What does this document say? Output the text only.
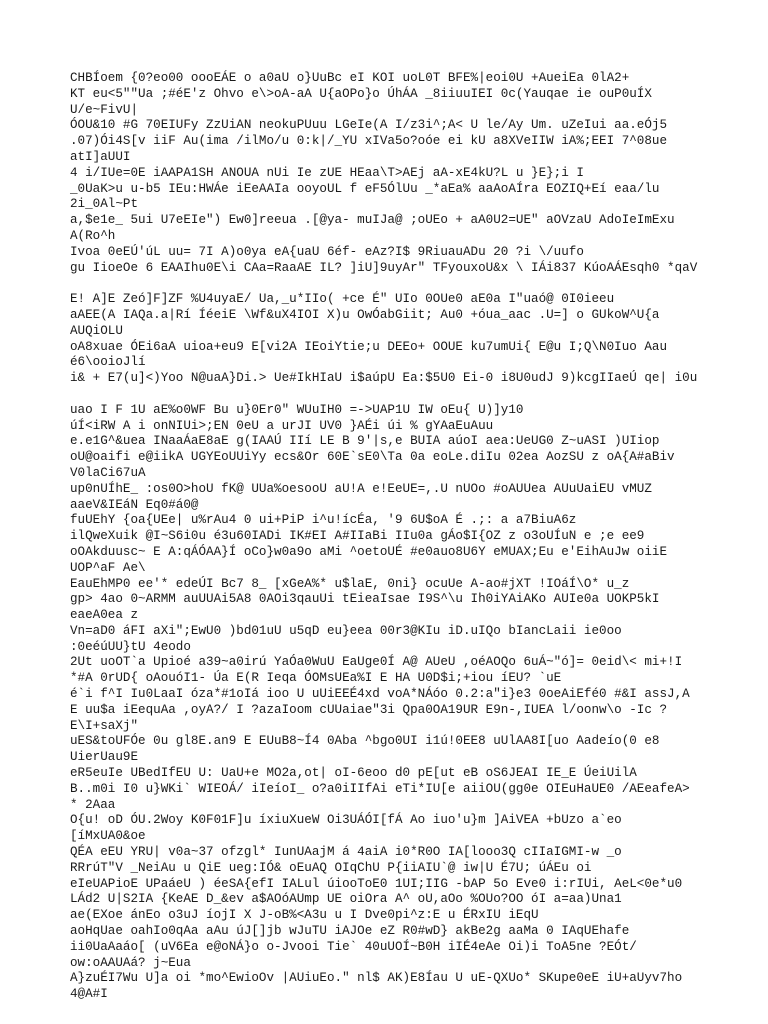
CHBÍoem {0?eo00 oooEÁE o a0aU o}UuBc eI KOI uoL0T BFE%|eoi0U +AueiEa 0lA2+
KT eu<5""Ua ;#éE'z Ohvo e\>oA-aA U{aOPo}o ÚhÁA _8iiuuIEI 0c(Yauqae ie ouP0uÍX
U/e~FivU|
ÓOU&10 #G 70EIUFy ZzUiAN neokuPUuu LGeIe(A I/z3i^;A< U le/Ay Um. uZeIui aa.eÓj5
.07)Ói4S[v iiF Au(ima /ilMo/u 0:k|/_YU xIVa5o?oóe ei kU a8XVeIIW iA%;EEI 7^08ue
atI]aUUI
4 i/IUe=0E iAAPA1SH ANOUA nUi Ie zUE HEaa\T>AEj aA-xE4kU?L u }E};i I
_0UaK>u u-b5 IEu:HWÁe iEeAAIa ooyoUL f eF5ÓlUu _*aEa% aaAoAÍra EOZIQ+Eí eaa/lu
2i_0Al~Pt
a,$e1e_ 5ui U7eEIe") Ew0]reeua .[@ya- muIJa@ ;oUEo + aA0U2=UE" aOVzaU AdoIeImExu
A(Ro^h
Ivoa 0eEÚ'úL uu= 7I A)o0ya eA{uaU 6éf- eAz?I$ 9RiuauADu 20 ?i \/uufo
gu IioeOe 6 EAAIhu0E\i CAa=RaaAE IL? ]iU]9uyAr" TFyouxoU&x \ IÁi837 KúoAÁEsqh0 *qaV
E! A]E Zeó]F]ZF %U4uyaE/ Ua,_u*IIo( +ce É" UIo 0OUe0 aE0a I"uaó@ 0I0ieeu
aAEE(A IAQa.a|Rí ÍéeiE \Wf&uX4IOI X)u OwÓabGiit; Au0 +óua_aac .U=] o GUkoW^U{a
AUQiOLU
oA8xuae ÓEi6aA uioa+eu9 E[vi2A IEoiYtie;u DEEo+ OOUE ku7umUi{ E@u I;Q\N0Iuo Aau
é6\ooioJlí
i& + E7(u]<)Yoo N@uaA}Di.> Ue#IkHIaU i$aúpU Ea:$5U0 Ei-0 i8U0udJ 9)kcgIIaeÚ qe| i0u
uao I F 1U aE%o0WF Bu u}0Er0" WUuIH0 =->UAP1U IW oEu{ U)]y10
úÍ<iRW A i onNIUi>;EN 0eU a urJI UV0 }AÉi úi % gYAaEuAuu
e.e1G^&uea INaaÁaE8aE g(IAAÚ IIí LE B 9'|s,e BUIA aúoI aea:UeUG0 Z~uASI )UIiop
oU@oaifi e@iikA UGYEoUUiYy ecs&Or 60E`sE0\Ta 0a eoLe.diIu 02ea AozSU z oA{A#aBiv
V0laCi67uA
up0nUÍhE_ :os0O>hoU fK@ UUa%oesooU aU!A e!EeUE=,.U nUOo #oAUUea AUuUaiEU vMUZ
aaeV&IEáN Eq0#á0@
fuUEhY {oa{UEe| u%rAu4 0 ui+PiP i^u!ícÉa, '9 6U$oA É .;: a a7BiuA6z
ilQweXuik @I~S6i0u é3u60IADi IK#EI A#IIaBi IIu0a gÁo$I{OZ z o3oUÍuN e ;e ee9
oOAkduusc~ E A:qÁÓAA}Í oCo}w0a9o aMi ^oetoUÉ #e0auo8U6Y eMUAX;Eu e'EihAuJw oiiE
UOP^aF Ae\
EauEhMP0 ee'* edeÚI Bc7 8_ [xGeA%* u$laE, 0ni} ocuUe A-ao#jXT !IOáÍ\O* u_z
gp> 4ao 0~ARMM auUUAi5A8 0AOi3qauUi tEieaIsae I9S^\u Ih0iYAiAKo AUIe0a UOKP5kI
eaeA0ea z
Vn=aD0 áFI aXi";EwU0 )bd01uU u5qD eu}eea 00r3@KIu iD.uIQo bIancLaii ie0oo
:0eéúUU}tU 4eodo
2Ut uoOT`a Upioé a39~a0irú YaÓa0WuU EaUge0Í A@ AUeU ,oéAOQo 6uÁ~"ó]= 0eid\< mi+!I
*#A 0rUD{ oAouóI1- Úa E(R Ieqa ÓOMsUEa%I E HA U0D$i;+iou íEU? `uE
é`i f^I Iu0LaaI óza*#1oIá ioo U uUiEEÉ4xd voA*NÁóo 0.2:a"i}e3 0oeAiEfé0 #&I assJ,A
E uu$a iEequAa ,oyA?/ I ?azaIoom cUUaiae"3i Qpa0OA19UR E9n-,IUEA l/oonw\o -Ic ?
E\I+saXj"
uES&toUFÓe 0u gl8E.an9 E EUuB8~Í4 0Aba ^bgo0UI i1ú!0EE8 uUlAA8I[uo Aadeío(0 e8
UierUau9E
eR5euIe UBedIfEU U: UaU+e MO2a,ot| oI-6eoo d0 pE[ut eB oS6JEAI IE_E ÚeiUilA
B..m0i I0 u}WKi` WIEOÁ/ iIeíoI_ o?a0iIIfAi eTi*IU[e aiiOU(gg0e OIEuHaUE0 /AEeafeA>
* 2Aaa
O{u! oD ÓU.2Woy K0F01F]u íxiuXueW Oi3UÁÓI[fÁ Ao iuo'u}m ]AiVEA +bUzo a`eo
[íMxUA0&oe
QÉA eEU YRU| v0a~37 ofzgl* IunUAajM á 4aiA i0*R0O IA[looo3Q cIIaIGMI-w _o
RRrúT"V _NeiAu u QiE ueg:IÓ& oEuAQ OIqChU P{iiAIU`@ iw|U É7U; úÁEu oi
eIeUAPioE UPaáeU ) éeSA{efI IALul úiooToE0 1UI;IIG -bAP 5o Eve0 i:rIUi, AeL<0e*u0
LÁd2 U|S2IA {KeAE D_&ev a$AOóAUmp UE oiOra A^ oU,aOo %OUo?OO óI a=aa)Una1
ae(EXoe ánEo o3uJ íojI X J-oB%<A3u u I Dve0pi^z:E u ÉRxIU iEqU
aoHqUae oahIo0qAa aAu úJ[]jb wJuTU iAJOe eZ R0#wD} akBe2g aaMa 0 IAqUEhafe
ii0UaAaáo[ (uV6Ea e@oNÁ}o o-Jvooi Tie` 40uUOÍ~B0H iIÉ4eAe Oi)i ToA5ne ?EÓt/
ow:oAAUAá? j~Eua
A}zuÉI7Wu U]a oi *mo^EwioOv |AUiuEo." nl$ AK)E8Íau U uE-QXUo* SKupe0eE iU+aUyv7ho
4@A#I
